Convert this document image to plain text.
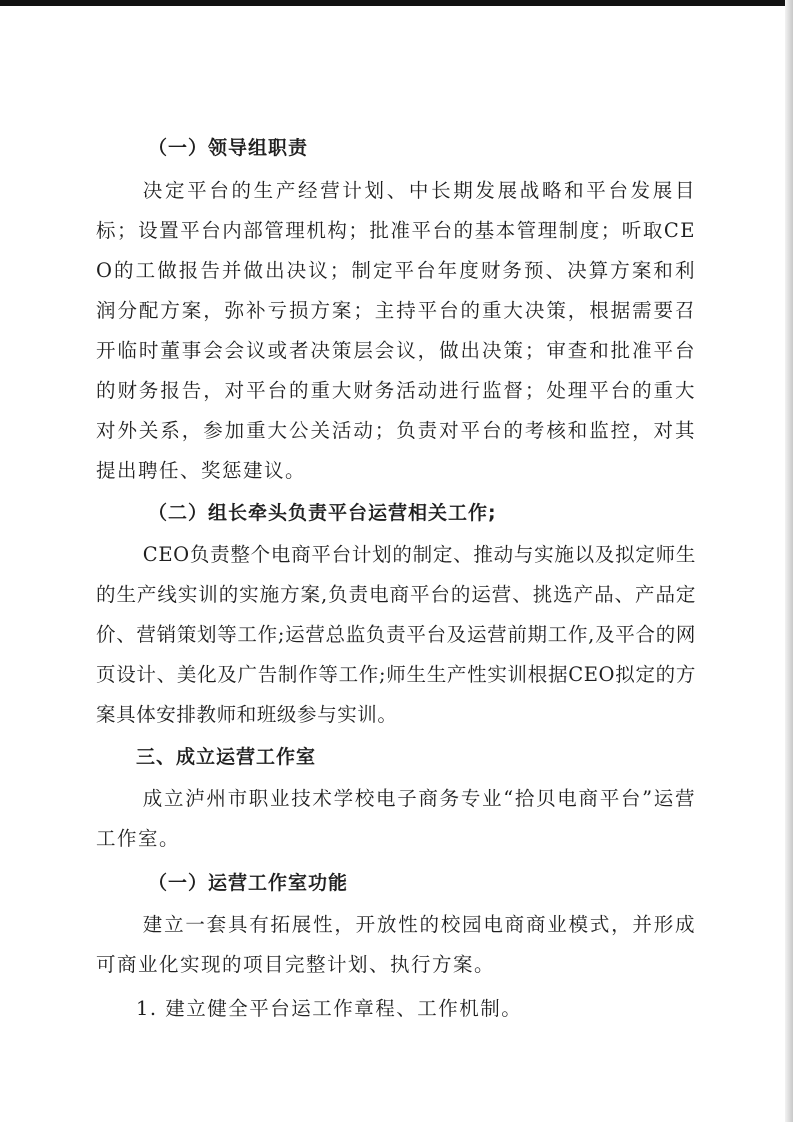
（一）领导组职责
决定平台的生产经营计划、中长期发展战略和平台发展目标；设置平台内部管理机构；批准平台的基本管理制度；听取CEO的工做报告并做出决议；制定平台年度财务预、决算方案和利润分配方案，弥补亏损方案；主持平台的重大决策，根据需要召开临时董事会会议或者决策层会议，做出决策；审查和批准平台的财务报告，对平台的重大财务活动进行监督；处理平台的重大对外关系，参加重大公关活动；负责对平台的考核和监控，对其提出聘任、奖惩建议。
（二）组长牵头负责平台运营相关工作;
CEO负责整个电商平台计划的制定、推动与实施以及拟定师生的生产线实训的实施方案,负责电商平台的运营、挑选产品、产品定价、营销策划等工作;运营总监负责平台及运营前期工作,及平合的网页设计、美化及广告制作等工作;师生生产性实训根据CEO拟定的方案具体安排教师和班级参与实训。
三、成立运营工作室
成立泸州市职业技术学校电子商务专业“拾贝电商平台”运营工作室。
（一）运营工作室功能
建立一套具有拓展性，开放性的校园电商商业模式，并形成可商业化实现的项目完整计划、执行方案。
1. 建立健全平台运工作章程、工作机制。
